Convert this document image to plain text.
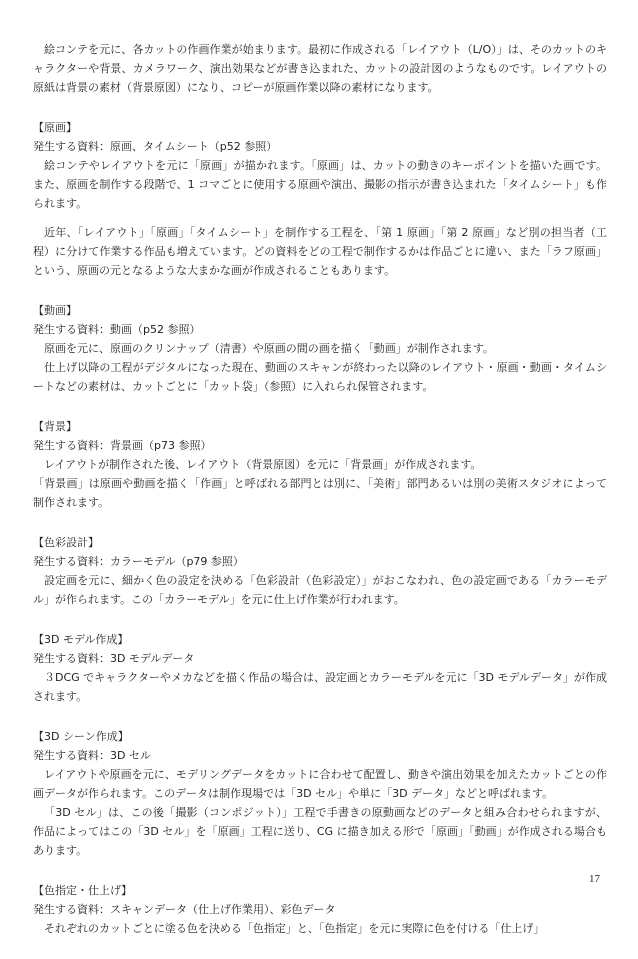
絵コンテを元に、各カットの作画作業が始まります。最初に作成される「レイアウト（L/O）」は、そのカットのキャラクターや背景、カメラワーク、演出効果などが書き込まれた、カットの設計図のようなものです。レイアウトの原紙は背景の素材（背景原図）になり、コピーが原画作業以降の素材になります。

【原画】

発生する資料：原画、タイムシート（p52 参照）

絵コンテやレイアウトを元に「原画」が描かれます。「原画」は、カットの動きのキーポイントを描いた画です。また、原画を制作する段階で、1 コマごとに使用する原画や演出、撮影の指示が書き込まれた「タイムシート」も作られます。

近年、「レイアウト」「原画」「タイムシート」を制作する工程を、「第 1 原画」「第 2 原画」など別の担当者（工程）に分けて作業する作品も増えています。どの資料をどの工程で制作するかは作品ごとに違い、また「ラフ原画」という、原画の元となるような大まかな画が作成されることもあります。

【動画】

発生する資料：動画（p52 参照）

原画を元に、原画のクリンナップ（清書）や原画の間の画を描く「動画」が制作されます。

仕上げ以降の工程がデジタルになった現在、動画のスキャンが終わった以降のレイアウト・原画・動画・タイムシートなどの素材は、カットごとに「カット袋」（参照）に入れられ保管されます。

【背景】

発生する資料：背景画（p73 参照）

レイアウトが制作された後、レイアウト（背景原図）を元に「背景画」が作成されます。

「背景画」は原画や動画を描く「作画」と呼ばれる部門とは別に、「美術」部門あるいは別の美術スタジオによって制作されます。

【色彩設計】

発生する資料：カラーモデル（p79 参照）

設定画を元に、細かく色の設定を決める「色彩設計（色彩設定）」がおこなわれ、色の設定画である「カラーモデル」が作られます。この「カラーモデル」を元に仕上げ作業が行われます。

【3D モデル作成】

発生する資料：3D モデルデータ

３DCG でキャラクターやメカなどを描く作品の場合は、設定画とカラーモデルを元に「3D モデルデータ」が作成されます。

【3D シーン作成】

発生する資料：3D セル

レイアウトや原画を元に、モデリングデータをカットに合わせて配置し、動きや演出効果を加えたカットごとの作画データが作られます。このデータは制作現場では「3D セル」や単に「3D データ」などと呼ばれます。

「3D セル」は、この後「撮影（コンポジット）」工程で手書きの原動画などのデータと組み合わせられますが、作品によってはこの「3D セル」を「原画」工程に送り、CG に描き加える形で「原画」「動画」が作成される場合もあります。

【色指定・仕上げ】

発生する資料：スキャンデータ（仕上げ作業用）、彩色データ

それぞれのカットごとに塗る色を決める「色指定」と、「色指定」を元に実際に色を付ける「仕上げ」

17
